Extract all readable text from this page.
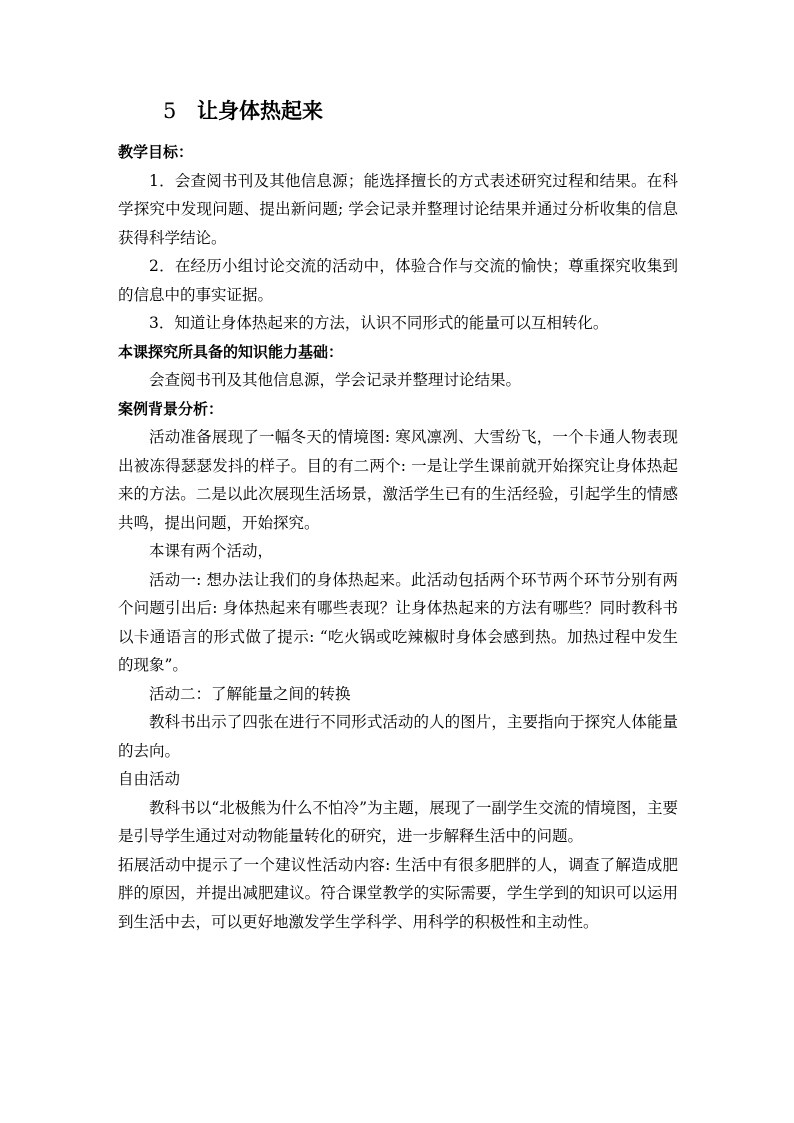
5 让身体热起来

教学目标：

1．会查阅书刊及其他信息源；能选择擅长的方式表述研究过程和结果。在科学探究中发现问题、提出新问题; 学会记录并整理讨论结果并通过分析收集的信息获得科学结论。

2．在经历小组讨论交流的活动中，体验合作与交流的愉快；尊重探究收集到的信息中的事实证据。

3．知道让身体热起来的方法，认识不同形式的能量可以互相转化。

本课探究所具备的知识能力基础：

会查阅书刊及其他信息源，学会记录并整理讨论结果。

案例背景分析：

活动准备展现了一幅冬天的情境图: 寒风凛冽、大雪纷飞，一个卡通人物表现出被冻得瑟瑟发抖的样子。目的有二两个: 一是让学生课前就开始探究让身体热起来的方法。二是以此次展现生活场景，激活学生已有的生活经验，引起学生的情感共鸣，提出问题，开始探究。

本课有两个活动，

活动一: 想办法让我们的身体热起来。此活动包括两个环节两个环节分别有两个问题引出后: 身体热起来有哪些表现？让身体热起来的方法有哪些？同时教科书以卡通语言的形式做了提示: “吃火锅或吃辣椒时身体会感到热。加热过程中发生的现象”。

活动二：了解能量之间的转换

教科书出示了四张在进行不同形式活动的人的图片，主要指向于探究人体能量的去向。

自由活动

教科书以“北极熊为什么不怕冷”为主题，展现了一副学生交流的情境图，主要是引导学生通过对动物能量转化的研究，进一步解释生活中的问题。

拓展活动中提示了一个建议性活动内容: 生活中有很多肥胖的人，调查了解造成肥胖的原因，并提出减肥建议。符合课堂教学的实际需要，学生学到的知识可以运用到生活中去，可以更好地激发学生学科学、用科学的积极性和主动性。
